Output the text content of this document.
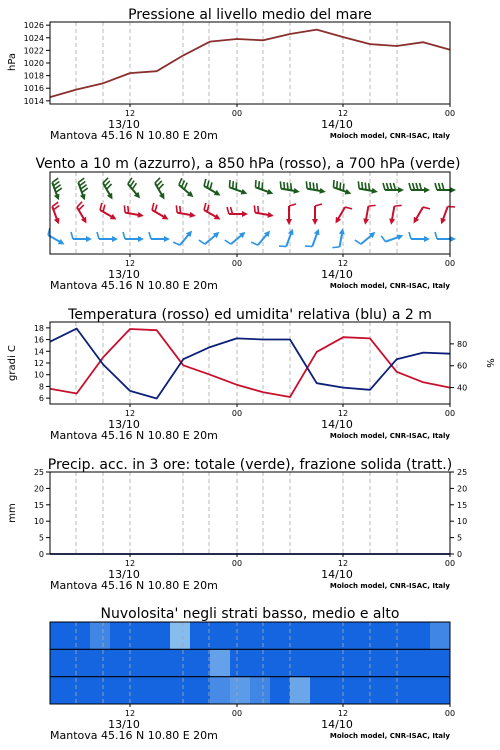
Pressione al livello medio del mare
hPa
1014
1016
1018
1020
1022
1024
1026
12	00	12	00
13/10	14/10
Mantova 45.16 N 10.80 E 20m	Moloch model, CNR-ISAC, Italy
Vento a 10 m (azzurro), a 850 hPa (rosso), a 700 hPa (verde)
12	00	12	00
13/10	14/10
Mantova 45.16 N 10.80 E 20m	Moloch model, CNR-ISAC, Italy
Temperatura (rosso) ed umidita' relativa (blu) a 2 m
gradi C	%
6
8
10
12
14
16
18
40
60
80
12	00	12	00
13/10	14/10
Mantova 45.16 N 10.80 E 20m	Moloch model, CNR-ISAC, Italy
Precip. acc. in 3 ore: totale (verde), frazione solida (tratt.)
mm
0
5
10
15
20
25
0
5
10
15
20
25
12	00	12	00
13/10	14/10
Mantova 45.16 N 10.80 E 20m	Moloch model, CNR-ISAC, Italy
Nuvolosita' negli strati basso, medio e alto
12	00	12	00
13/10	14/10
Mantova 45.16 N 10.80 E 20m	Moloch model, CNR-ISAC, Italy
